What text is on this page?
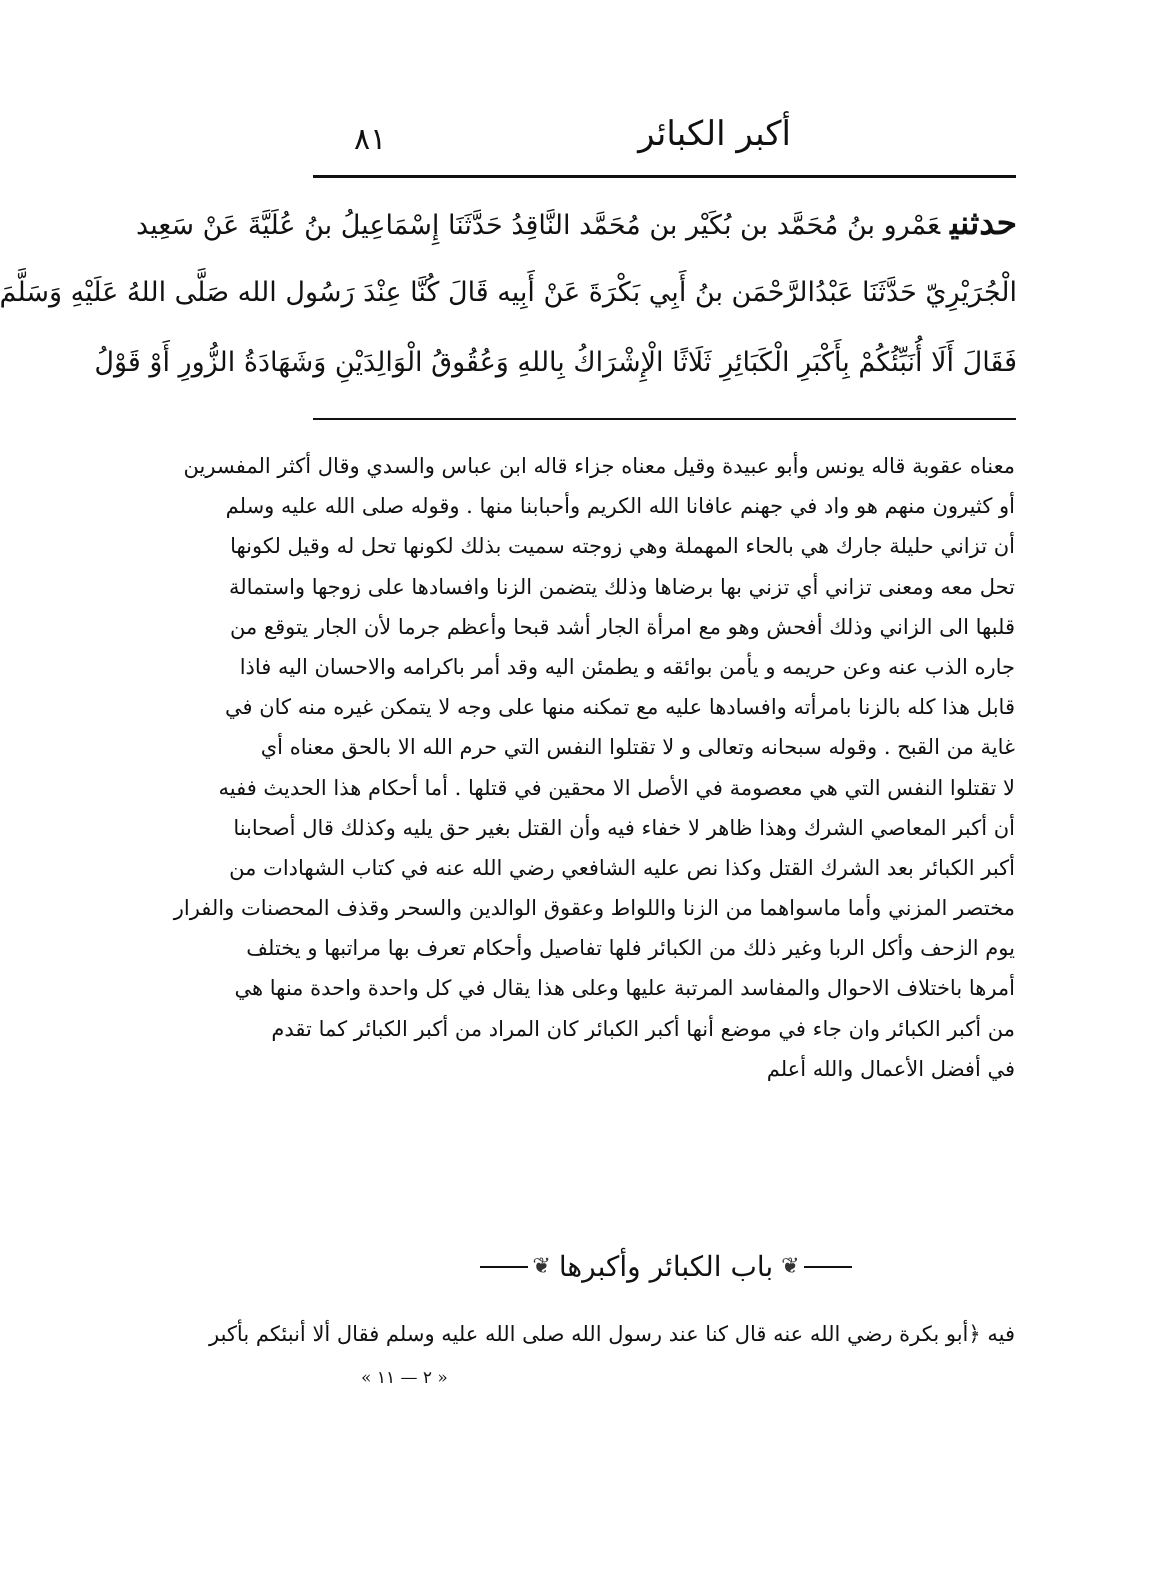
٨١	أكبر الكبائر
حدثنيعَمْرو بنُ مُحَمَّد بن بُكَيْر بن مُحَمَّد النَّاقِدُ حَدَّثَنَا إِسْمَاعِيلُ بنُ عُلَيَّةَ عَنْ سَعِيد
الْجُرَيْرِيّ حَدَّثَنَا عَبْدُالرَّحْمَن بنُ أَبِي بَكْرَةَ عَنْ أَبِيه قَالَ كُنَّا عِنْدَ رَسُول الله صَلَّى اللهُ عَلَيْهِ وَسَلَّمَ
فَقَالَ أَلَا أُنَبِّئُكُمْ بِأَكْبَرِ الْكَبَائِرِ ثَلَاثًا الْإِشْرَاكُ بِاللهِ وَعُقُوقُ الْوَالِدَيْنِ وَشَهَادَةُ الزُّورِ أَوْ قَوْلُ
معناه عقوبة قاله يونس وأبو عبيدة وقيل معناه جزاء قاله ابن عباس والسدي وقال أكثر المفسرين
أو كثيرون منهم هو واد في جهنم عافانا الله الكريم وأحبابنا منها . وقوله صلى الله عليه وسلم
أن تزاني حليلة جارك هي بالحاء المهملة وهي زوجته سميت بذلك لكونها تحل له وقيل لكونها
تحل معه ومعنى تزاني أي تزني بها برضاها وذلك يتضمن الزنا وافسادها على زوجها واستمالة
قلبها الى الزاني وذلك أفحش وهو مع امرأة الجار أشد قبحا وأعظم جرما لأن الجار يتوقع من
جاره الذب عنه وعن حريمه و يأمن بوائقه و يطمئن اليه وقد أمر باكرامه والاحسان اليه فاذا
قابل هذا كله بالزنا بامرأته وافسادها عليه مع تمكنه منها على وجه لا يتمكن غيره منه كان في
غاية من القبح . وقوله سبحانه وتعالى و لا تقتلوا النفس التي حرم الله الا بالحق معناه أي
لا تقتلوا النفس التي هي معصومة في الأصل الا محقين في قتلها . أما أحكام هذا الحديث ففيه
أن أكبر المعاصي الشرك وهذا ظاهر لا خفاء فيه وأن القتل بغير حق يليه وكذلك قال أصحابنا
أكبر الكبائر بعد الشرك القتل وكذا نص عليه الشافعي رضي الله عنه في كتاب الشهادات من
مختصر المزني وأما ماسواهما من الزنا واللواط وعقوق الوالدين والسحر وقذف المحصنات والفرار
يوم الزحف وأكل الربا وغير ذلك من الكبائر فلها تفاصيل وأحكام تعرف بها مراتبها و يختلف
أمرها باختلاف الاحوال والمفاسد المرتبة عليها وعلى هذا يقال في كل واحدة واحدة منها هي
من أكبر الكبائر وان جاء في موضع أنها أكبر الكبائر كان المراد من أكبر الكبائر كما تقدم
في أفضل الأعمال والله أعلم
❦باب الكبائر وأكبرها❦
فيه ﴿أبو بكرة رضي الله عنه قال كنا عند رسول الله صلى الله عليه وسلم فقال ألا أنبئكم بأكبر
« ٢ — ١١ »
